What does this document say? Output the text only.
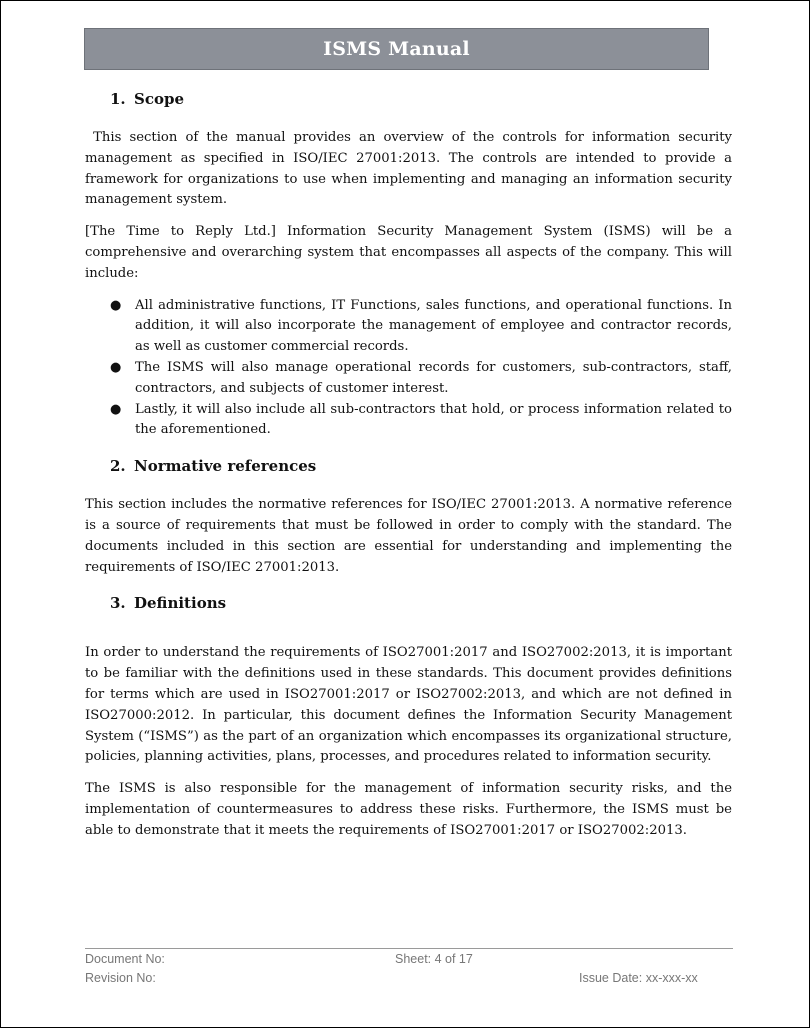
ISMS Manual
1. Scope

This section of the manual provides an overview of the controls for information security management as specified in ISO/IEC 27001:2013. The controls are intended to provide a framework for organizations to use when implementing and managing an information security management system.

[The Time to Reply Ltd.] Information Security Management System (ISMS) will be a comprehensive and overarching system that encompasses all aspects of the company. This will include:

● All administrative functions, IT Functions, sales functions, and operational functions. In addition, it will also incorporate the management of employee and contractor records, as well as customer commercial records.
● The ISMS will also manage operational records for customers, sub-contractors, staff, contractors, and subjects of customer interest.
● Lastly, it will also include all sub-contractors that hold, or process information related to the aforementioned.
2. Normative references

This section includes the normative references for ISO/IEC 27001:2013. A normative reference is a source of requirements that must be followed in order to comply with the standard. The documents included in this section are essential for understanding and implementing the requirements of ISO/IEC 27001:2013.

3. Definitions

In order to understand the requirements of ISO27001:2017 and ISO27002:2013, it is important to be familiar with the definitions used in these standards. This document provides definitions for terms which are used in ISO27001:2017 or ISO27002:2013, and which are not defined in ISO27000:2012. In particular, this document defines the Information Security Management System (“ISMS”) as the part of an organization which encompasses its organizational structure, policies, planning activities, plans, processes, and procedures related to information security.

The ISMS is also responsible for the management of information security risks, and the implementation of countermeasures to address these risks. Furthermore, the ISMS must be able to demonstrate that it meets the requirements of ISO27001:2017 or ISO27002:2013.

Document No:	Sheet: 4 of 17
Revision No:	Issue Date: xx-xxx-xx
